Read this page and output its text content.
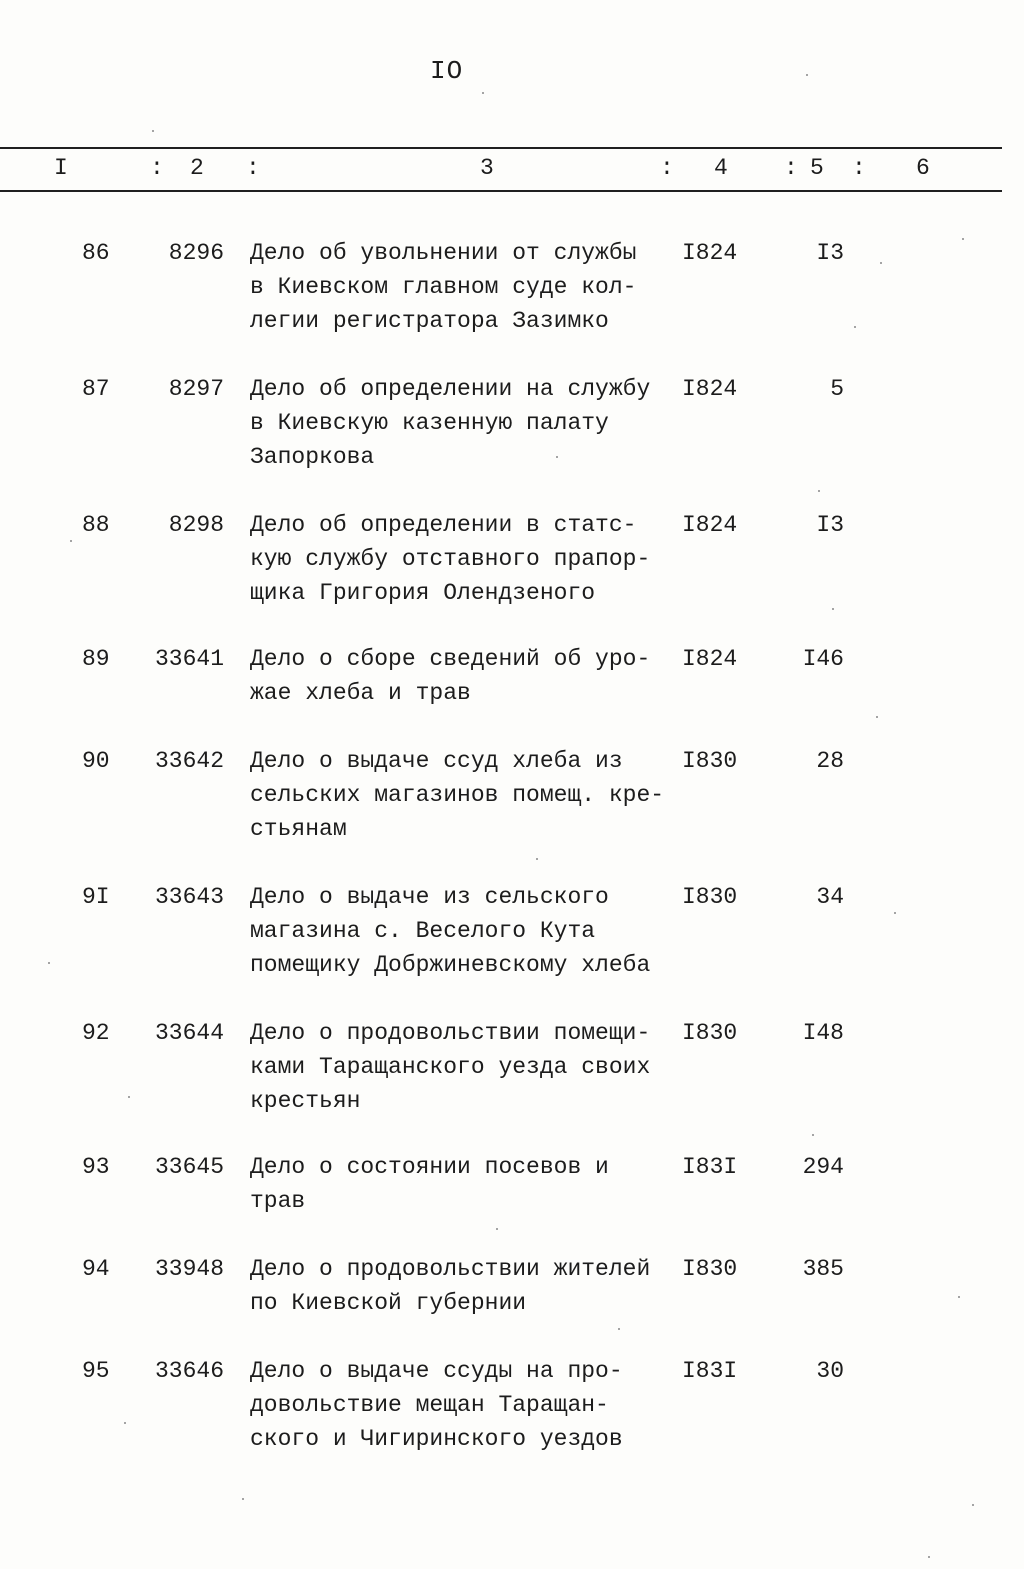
IO
I	: 2 :	3	: 4 : 5 : 6
86	8296 Дело об увольнении от службы
в Киевском главном суде кол-
легии регистратора Зазимко
I824	I3
87	8297 Дело об определении на службу
в Киевскую казенную палату
Запоркова
I824	5
88	8298 Дело об определении в статс-
кую службу отставного прапор-
щика Григория Олендзеного
I824	I3
89	33641 Дело о сборе сведений об уро-
жае хлеба и трав
I824	I46
90	33642 Дело о выдаче ссуд хлеба из
сельских магазинов помещ. кре-
стьянам
I830	28
9I	33643 Дело о выдаче из сельского
магазина с. Веселого Кута
помещику Добржиневскому хлеба
I830	34
92	33644 Дело о продовольствии помещи-
ками Таращанского уезда своих
крестьян
I830	I48
93	33645 Дело о состоянии посевов и
трав
I83I	294
94	33948 Дело о продовольствии жителей
по Киевской губернии
I830	385
95	33646 Дело о выдаче ссуды на про-
довольствие мещан Таращан-
ского и Чигиринского уездов
I83I	30
